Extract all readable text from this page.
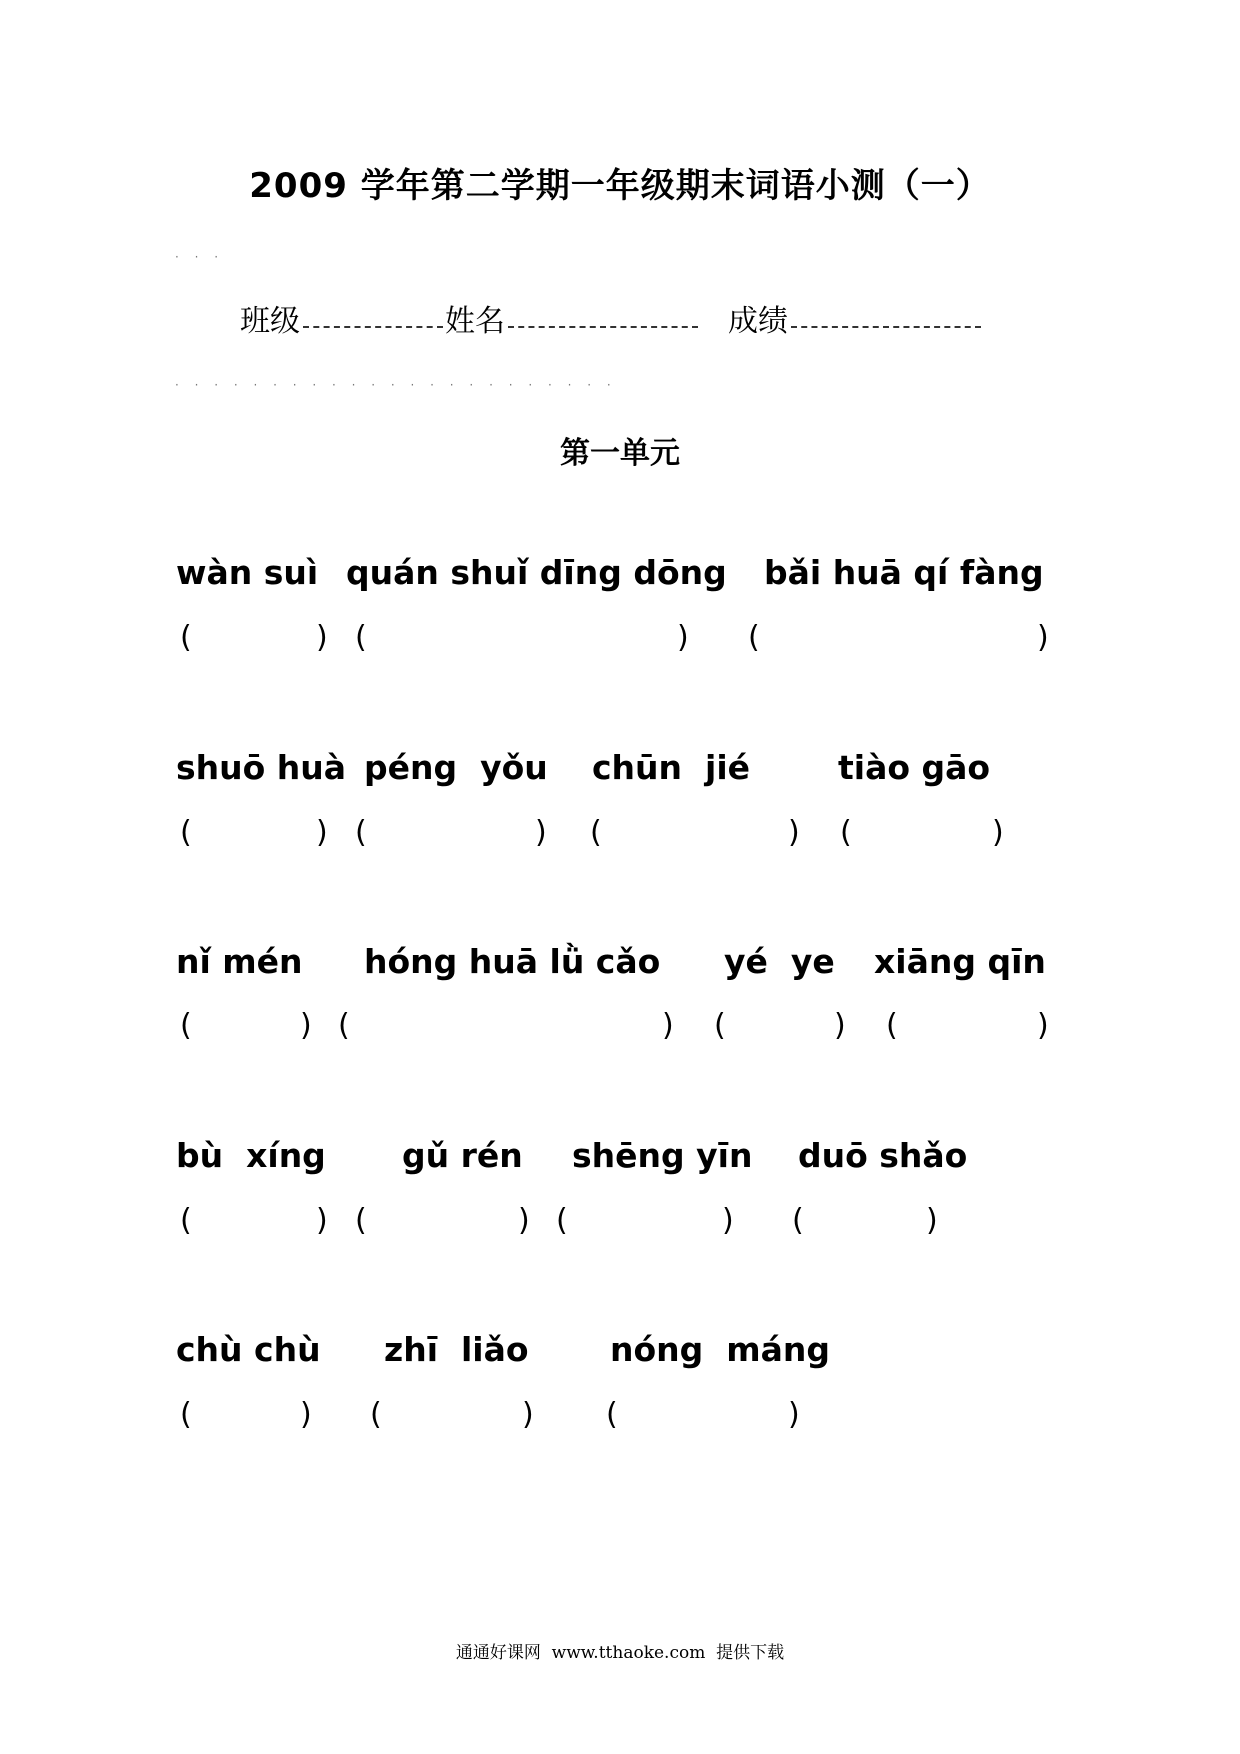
2009 学年第二学期一年级期末词语小测（一）
· · ·
班级	姓名	成绩
· · · · · · · · · · · · · · · · · · · · · · ·
第一单元
wàn suì quán shuǐ dīng dōng bǎi huā qí fàng
(	) (	) (	)
shuō huà péng  yǒu chūn  jié	tiào gāo
(	) (	) (	) (	)
nǐ mén hóng huā lǜ cǎo yé  ye xiāng qīn
(	) (	) (	) (	)
bù  xíng gǔ rén shēng yīn duō shǎo
(	) (	) (	) (	)
chù chù zhī  liǎo nóng  máng
(	) (	) (	)
通通好课网  www.tthaoke.com  提供下载
